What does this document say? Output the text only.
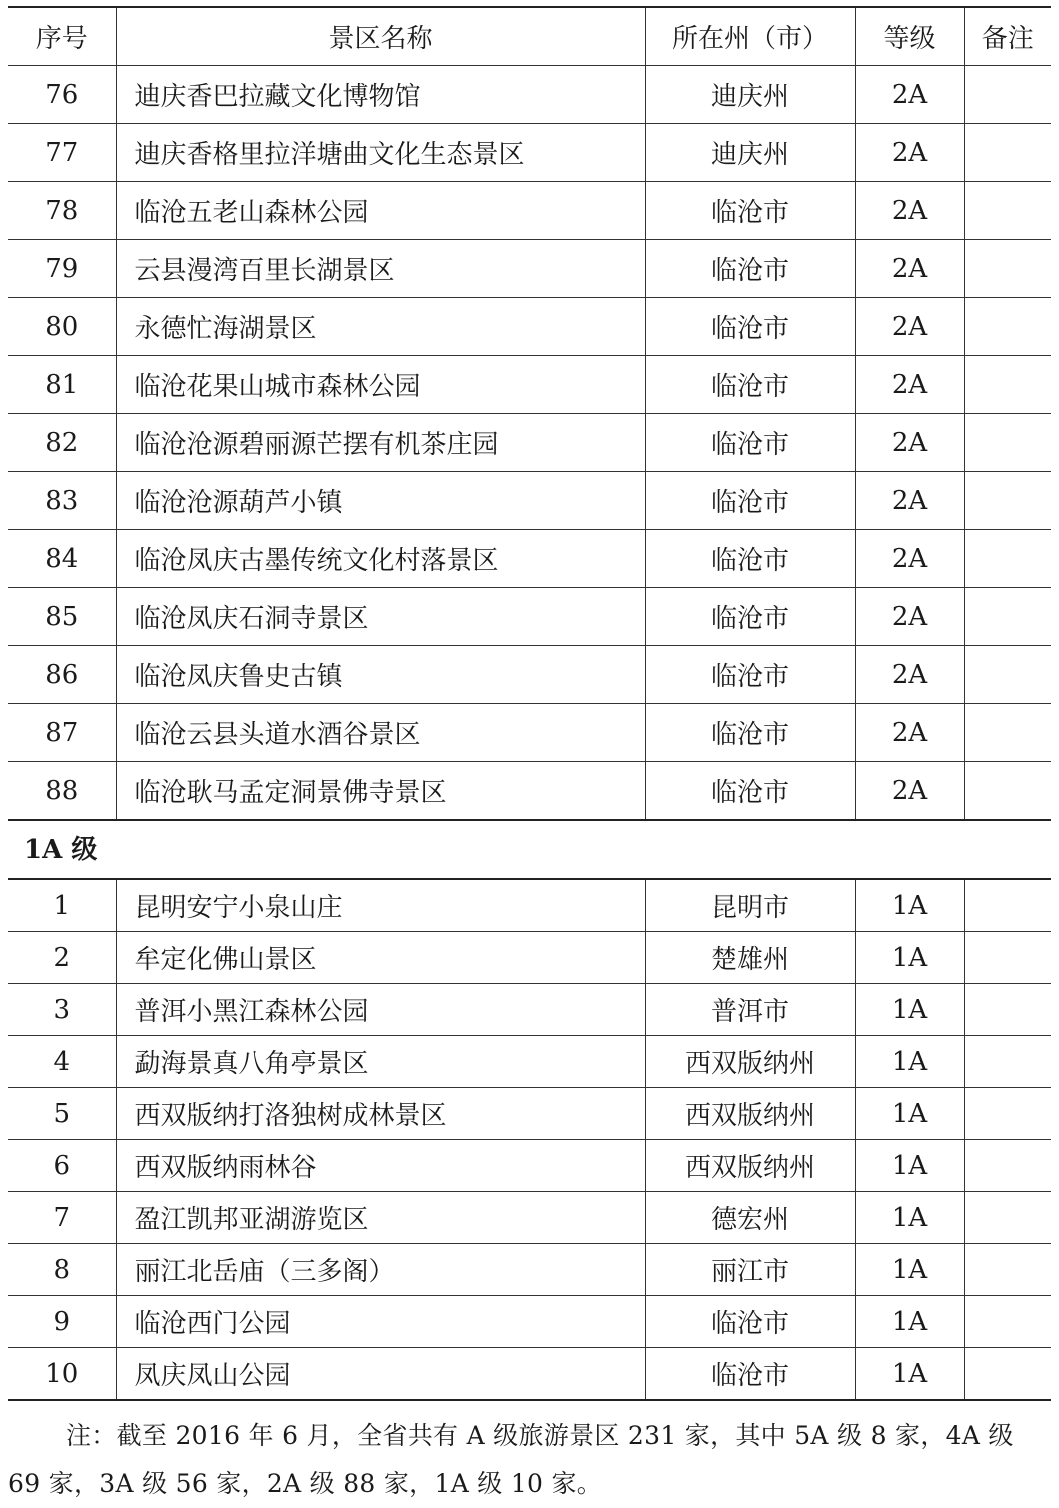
序号	景区名称	所在州（市）	等级	备注
76	迪庆香巴拉藏文化博物馆	迪庆州	2A	
77	迪庆香格里拉洋塘曲文化生态景区	迪庆州	2A	
78	临沧五老山森林公园	临沧市	2A	
79	云县漫湾百里长湖景区	临沧市	2A	
80	永德忙海湖景区	临沧市	2A	
81	临沧花果山城市森林公园	临沧市	2A	
82	临沧沧源碧丽源芒摆有机茶庄园	临沧市	2A	
83	临沧沧源葫芦小镇	临沧市	2A	
84	临沧凤庆古墨传统文化村落景区	临沧市	2A	
85	临沧凤庆石洞寺景区	临沧市	2A	
86	临沧凤庆鲁史古镇	临沧市	2A	
87	临沧云县头道水酒谷景区	临沧市	2A	
88	临沧耿马孟定洞景佛寺景区	临沧市	2A	
1A 级
1	昆明安宁小泉山庄	昆明市	1A	
2	牟定化佛山景区	楚雄州	1A	
3	普洱小黑江森林公园	普洱市	1A	
4	勐海景真八角亭景区	西双版纳州	1A	
5	西双版纳打洛独树成林景区	西双版纳州	1A	
6	西双版纳雨林谷	西双版纳州	1A	
7	盈江凯邦亚湖游览区	德宏州	1A	
8	丽江北岳庙（三多阁）	丽江市	1A	
9	临沧西门公园	临沧市	1A	
10	凤庆凤山公园	临沧市	1A	
注：截至 2016 年 6 月，全省共有 A 级旅游景区 231 家，其中 5A 级 8 家，4A 级 69 家，3A 级 56 家，2A 级 88 家，1A 级 10 家。
